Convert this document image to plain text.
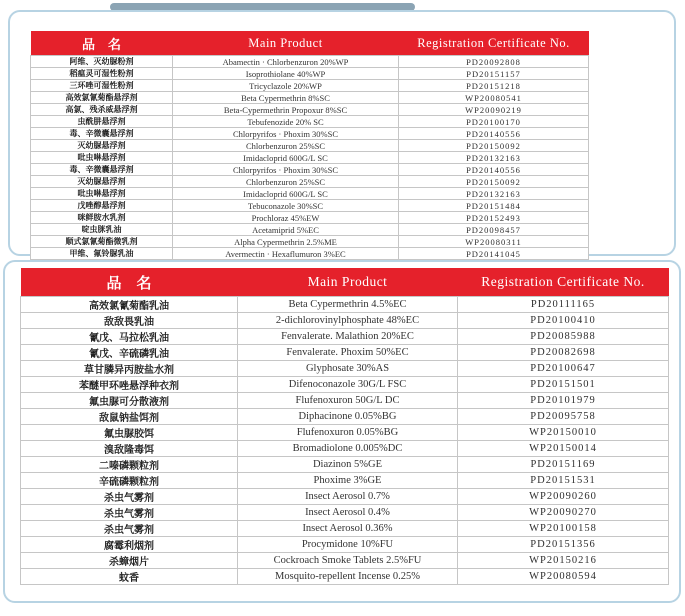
品　名	Main Product	Registration Certificate No.
阿维、灭幼脲粉剂	Abamectin · Chlorbenzuron 20%WP	PD20092808
稻瘟灵可湿性粉剂	Isoprothiolane 40%WP	PD20151157
三环唑可湿性粉剂	Tricyclazole 20%WP	PD20151218
高效氯氰菊酯悬浮剂	Beta Cypermethrin 8%SC	WP20080541
高氯、残杀威悬浮剂	Beta-Cypermethrin Propoxur 8%SC	WP20090219
虫酰肼悬浮剂	Tebufenozide 20% SC	PD20100170
毒、辛微囊悬浮剂	Chlorpyrifos · Phoxim 30%SC	PD20140556
灭幼脲悬浮剂	Chlorbenzuron 25%SC	PD20150092
吡虫啉悬浮剂	Imidacloprid 600G/L SC	PD20132163
毒、辛微囊悬浮剂	Chlorpyrifos · Phoxim 30%SC	PD20140556
灭幼脲悬浮剂	Chlorbenzuron 25%SC	PD20150092
吡虫啉悬浮剂	Imidacloprid 600G/L SC	PD20132163
戊唑醇悬浮剂	Tebuconazole 30%SC	PD20151484
咪鲜胺水乳剂	Prochloraz 45%EW	PD20152493
啶虫脒乳油	Acetamiprid 5%EC	PD20098457
顺式氯氰菊酯微乳剂	Alpha Cypermethrin 2.5%ME	WP20080311
甲维、氟铃脲乳油	Avermectin · Hexaflumuron 3%EC	PD20141045
品　名	Main Product	Registration Certificate No.
高效氯氰菊酯乳油	Beta Cypermethrin 4.5%EC	PD20111165
敌敌畏乳油	2-dichlorovinylphosphate 48%EC	PD20100410
氰戊、马拉松乳油	Fenvalerate. Malathion 20%EC	PD20085988
氰戊、辛硫磷乳油	Fenvalerate. Phoxim 50%EC	PD20082698
草甘膦异丙胺盐水剂	Glyphosate 30%AS	PD20100647
苯醚甲环唑悬浮种衣剂	Difenoconazole 30G/L FSC	PD20151501
氟虫脲可分散液剂	Flufenoxuron 50G/L DC	PD20101979
敌鼠钠盐饵剂	Diphacinone 0.05%BG	PD20095758
氟虫脲胶饵	Flufenoxuron 0.05%BG	WP20150010
溴敌隆毒饵	Bromadiolone 0.005%DC	WP20150014
二嗪磷颗粒剂	Diazinon 5%GE	PD20151169
辛硫磷颗粒剂	Phoxime 3%GE	PD20151531
杀虫气雾剂	Insect Aerosol 0.7%	WP20090260
杀虫气雾剂	Insect Aerosol 0.4%	WP20090270
杀虫气雾剂	Insect Aerosol 0.36%	WP20100158
腐霉利烟剂	Procymidone 10%FU	PD20151356
杀蟑烟片	Cockroach Smoke Tablets 2.5%FU	WP20150216
蚊香	Mosquito-repellent Incense 0.25%	WP20080594
